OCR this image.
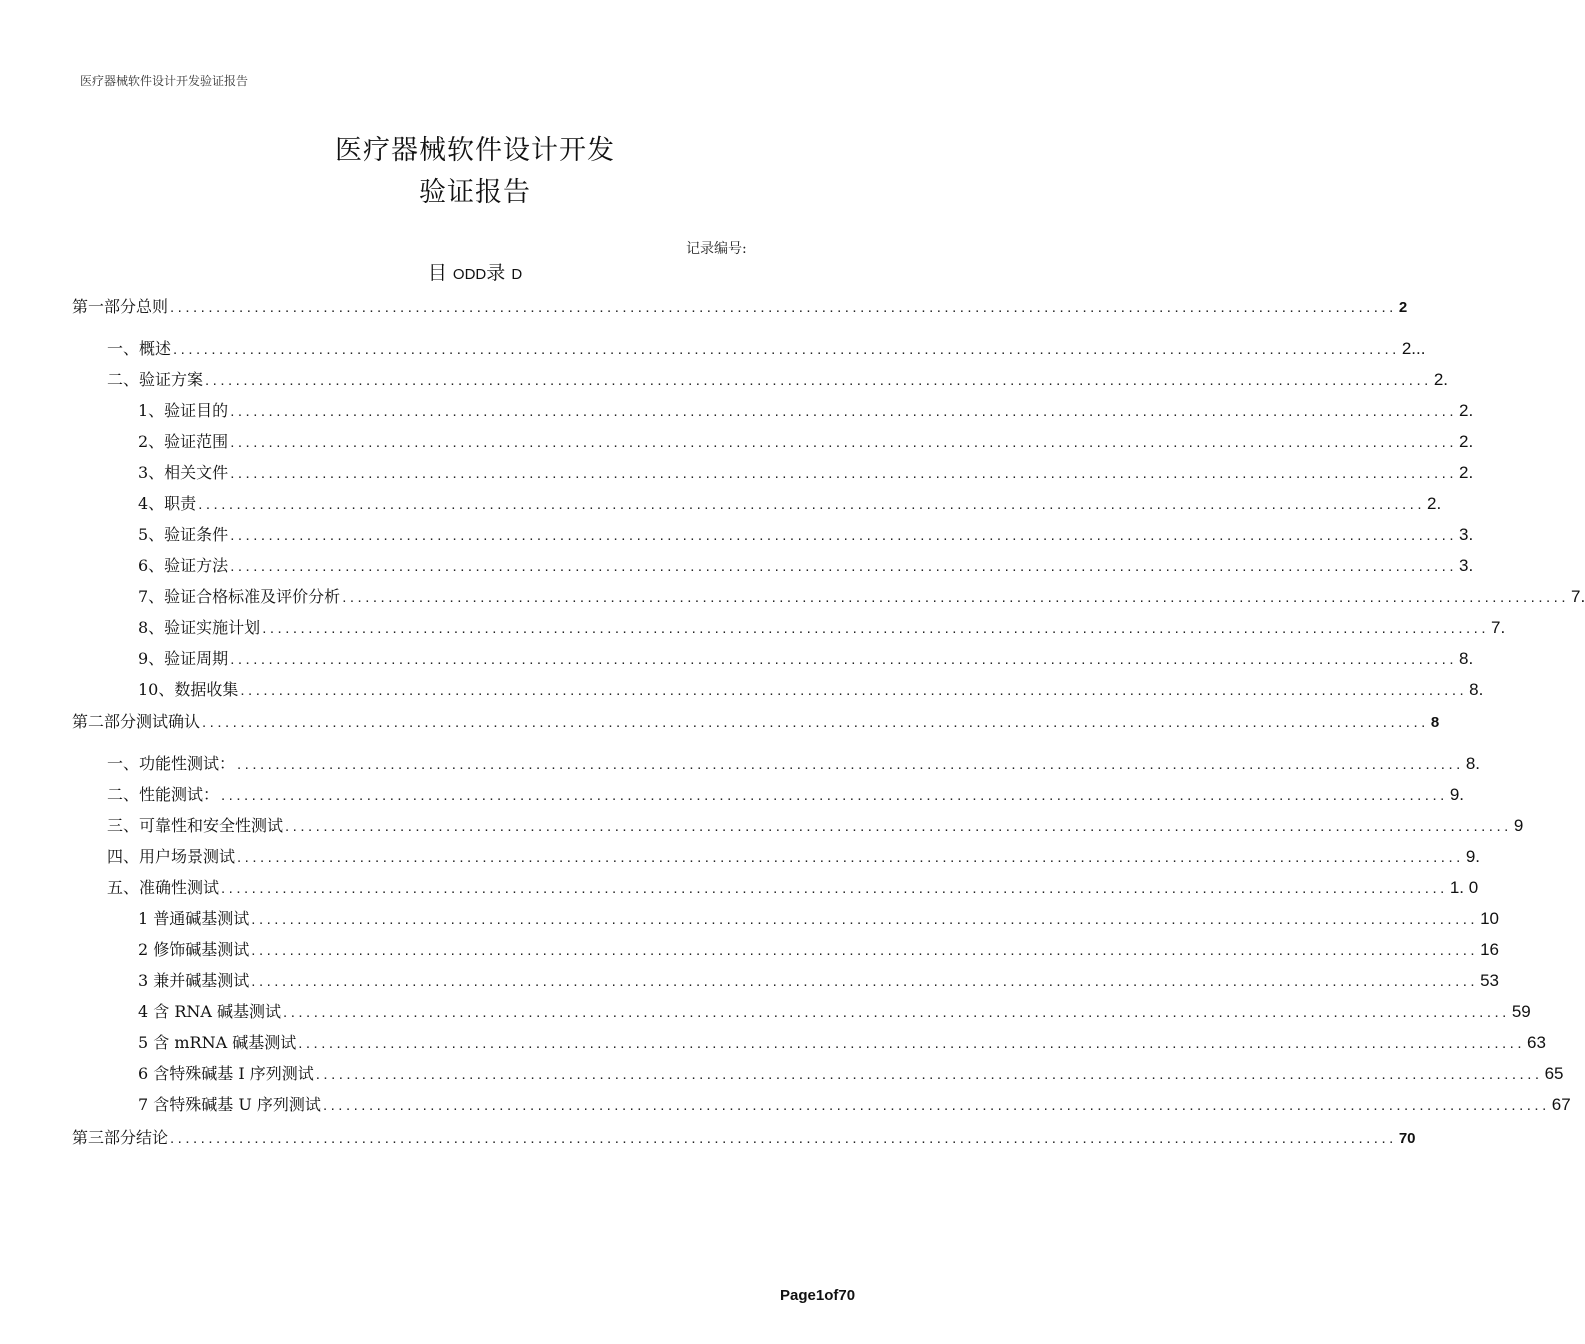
医疗器械软件设计开发验证报告
医疗器械软件设计开发
验证报告
记录编号:
目 ODD录 D
第一部分总则 ................................................................................................................................................................ 2
一、概述 ................................................................................................................................................................ 2...
二、验证方案 ................................................................................................................................................................ 2.
1、验证目的 ................................................................................................................................................................ 2.
2、验证范围 ................................................................................................................................................................ 2.
3、相关文件 ................................................................................................................................................................ 2.
4、职责 ................................................................................................................................................................ 2.
5、验证条件 ................................................................................................................................................................ 3.
6、验证方法 ................................................................................................................................................................ 3.
7、验证合格标准及评价分析 ................................................................................................................................................................ 7.
8、验证实施计划 ................................................................................................................................................................ 7.
9、验证周期 ................................................................................................................................................................ 8.
10、数据收集 ................................................................................................................................................................ 8.
第二部分测试确认 ................................................................................................................................................................ 8
一、功能性测试： ................................................................................................................................................................ 8.
二、性能测试： ................................................................................................................................................................ 9.
三、可靠性和安全性测试 ................................................................................................................................................................ 9
四、用户场景测试 ................................................................................................................................................................ 9.
五、准确性测试 ................................................................................................................................................................ 1. 0
1 普通碱基测试 ................................................................................................................................................................ 10
2 修饰碱基测试 ................................................................................................................................................................ 16
3 兼并碱基测试 ................................................................................................................................................................ 53
4 含 RNA 碱基测试 ................................................................................................................................................................ 59
5 含 mRNA 碱基测试 ................................................................................................................................................................ 63
6 含特殊碱基 I 序列测试 ................................................................................................................................................................ 65
7 含特殊碱基 U 序列测试 ................................................................................................................................................................ 67
第三部分结论 ................................................................................................................................................................ 70
Page1of70
